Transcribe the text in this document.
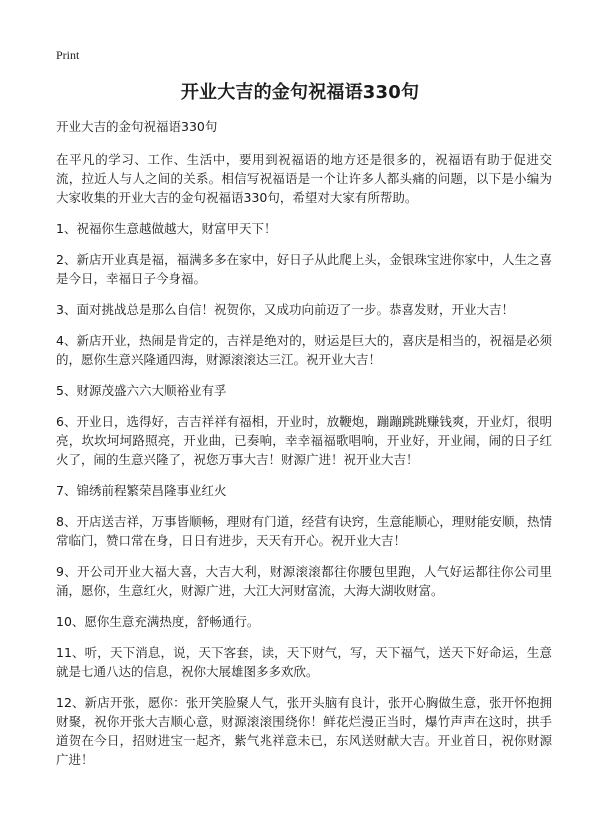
Print
开业大吉的金句祝福语330句

开业大吉的金句祝福语330句

在平凡的学习、工作、生活中，要用到祝福语的地方还是很多的，祝福语有助于促进交流，拉近人与人之间的关系。相信写祝福语是一个让许多人都头痛的问题，以下是小编为大家收集的开业大吉的金句祝福语330句，希望对大家有所帮助。

1、祝福你生意越做越大，财富甲天下！

2、新店开业真是福，福满多多在家中，好日子从此爬上头，金银珠宝进你家中，人生之喜是今日，幸福日子今身福。

3、面对挑战总是那么自信！祝贺你，又成功向前迈了一步。恭喜发财，开业大吉！

4、新店开业，热闹是肯定的，吉祥是绝对的，财运是巨大的，喜庆是相当的，祝福是必须的，愿你生意兴隆通四海，财源滚滚达三江。祝开业大吉！

5、财源茂盛六六大顺裕业有孚

6、开业日，选得好，吉吉祥祥有福相，开业时，放鞭炮，蹦蹦跳跳赚钱爽，开业灯，很明亮，坎坎坷坷路照亮，开业曲，已奏响，幸幸福福歌唱响，开业好，开业闹，闹的日子红火了，闹的生意兴隆了，祝您万事大吉！财源广进！祝开业大吉！

7、锦绣前程繁荣昌隆事业红火

8、开店送吉祥，万事皆顺畅，理财有门道，经营有诀窍，生意能顺心，理财能安顺，热情常临门，赞口常在身，日日有进步，天天有开心。祝开业大吉！

9、开公司开业大福大喜，大吉大利，财源滚滚都往你腰包里跑，人气好运都往你公司里涌，愿你，生意红火，财源广进，大江大河财富流，大海大湖收财富。

10、愿你生意充满热度，舒畅通行。

11、听，天下消息，说，天下客套，读，天下财气，写，天下福气，送天下好命运，生意就是七通八达的信息，祝你大展雄图多多欢欣。

12、新店开张，愿你：张开笑脸聚人气，张开头脑有良计，张开心胸做生意，张开怀抱拥财聚，祝你开张大吉顺心意，财源滚滚围绕你！鲜花烂漫正当时，爆竹声声在这时，拱手道贺在今日，招财进宝一起齐，紫气兆祥意未已，东风送财献大吉。开业首日，祝你财源广进！
